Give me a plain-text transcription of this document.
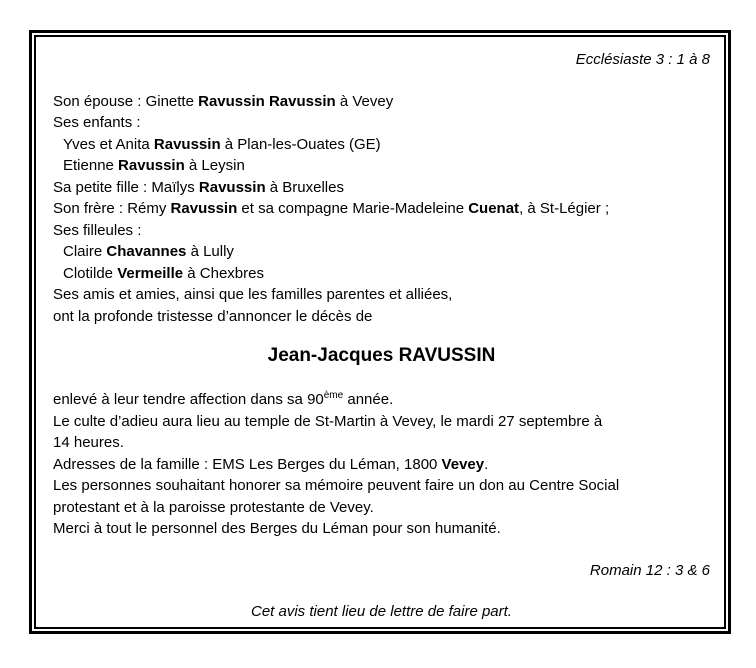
Ecclésiaste 3 : 1 à 8
Son épouse : Ginette Ravussin Ravussin à Vevey
Ses enfants :
Yves et Anita Ravussin à Plan-les-Ouates (GE)
Etienne Ravussin à Leysin
Sa petite fille : Maïlys Ravussin à Bruxelles
Son frère : Rémy Ravussin et sa compagne Marie-Madeleine Cuenat, à St-Légier ;
Ses filleules :
Claire Chavannes à Lully
Clotilde Vermeille à Chexbres
Ses amis et amies, ainsi que les familles parentes et alliées,
ont la profonde tristesse d’annoncer le décès de
Jean-Jacques RAVUSSIN
enlevé à leur tendre affection dans sa 90ème année.
Le culte d’adieu aura lieu au temple de St-Martin à Vevey, le mardi 27 septembre à
14 heures.
Adresses de la famille : EMS Les Berges du Léman, 1800 Vevey.
Les personnes souhaitant honorer sa mémoire peuvent faire un don au Centre Social
protestant et à la paroisse protestante de Vevey.
Merci à tout le personnel des Berges du Léman pour son humanité.
Romain 12 : 3 & 6
Cet avis tient lieu de lettre de faire part.
